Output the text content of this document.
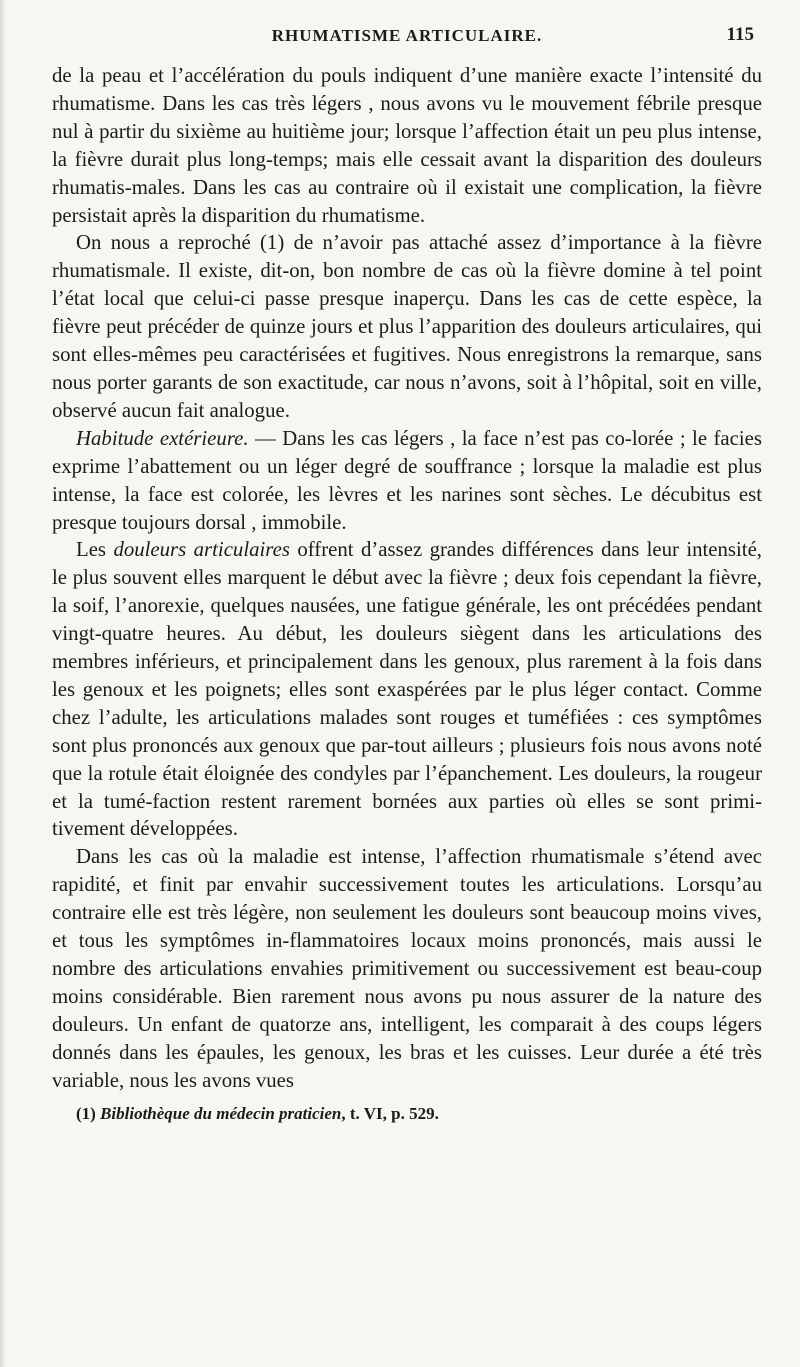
RHUMATISME ARTICULAIRE.	115

de la peau et l’accélération du pouls indiquent d’une manière exacte l’intensité du rhumatisme. Dans les cas très légers , nous avons vu le mouvement fébrile presque nul à partir du sixième au huitième jour; lorsque l’affection était un peu plus intense, la fièvre durait plus long-temps; mais elle cessait avant la disparition des douleurs rhumatis-males. Dans les cas au contraire où il existait une complication, la fièvre persistait après la disparition du rhumatisme.

On nous a reproché (1) de n’avoir pas attaché assez d’importance à la fièvre rhumatismale. Il existe, dit-on, bon nombre de cas où la fièvre domine à tel point l’état local que celui-ci passe presque inaperçu. Dans les cas de cette espèce, la fièvre peut précéder de quinze jours et plus l’apparition des douleurs articulaires, qui sont elles-mêmes peu caractérisées et fugitives. Nous enregistrons la remarque, sans nous porter garants de son exactitude, car nous n’avons, soit à l’hôpital, soit en ville, observé aucun fait analogue.

Habitude extérieure. — Dans les cas légers , la face n’est pas co-lorée ; le facies exprime l’abattement ou un léger degré de souffrance ; lorsque la maladie est plus intense, la face est colorée, les lèvres et les narines sont sèches. Le décubitus est presque toujours dorsal , immobile.

Les douleurs articulaires offrent d’assez grandes différences dans leur intensité, le plus souvent elles marquent le début avec la fièvre ; deux fois cependant la fièvre, la soif, l’anorexie, quelques nausées, une fatigue générale, les ont précédées pendant vingt-quatre heures. Au début, les douleurs siègent dans les articulations des membres inférieurs, et principalement dans les genoux, plus rarement à la fois dans les genoux et les poignets; elles sont exaspérées par le plus léger contact. Comme chez l’adulte, les articulations malades sont rouges et tuméfiées : ces symptômes sont plus prononcés aux genoux que par-tout ailleurs ; plusieurs fois nous avons noté que la rotule était éloignée des condyles par l’épanchement. Les douleurs, la rougeur et la tumé-faction restent rarement bornées aux parties où elles se sont primi-tivement développées.

Dans les cas où la maladie est intense, l’affection rhumatismale s’étend avec rapidité, et finit par envahir successivement toutes les articulations. Lorsqu’au contraire elle est très légère, non seulement les douleurs sont beaucoup moins vives, et tous les symptômes in-flammatoires locaux moins prononcés, mais aussi le nombre des articulations envahies primitivement ou successivement est beau-coup moins considérable. Bien rarement nous avons pu nous assurer de la nature des douleurs. Un enfant de quatorze ans, intelligent, les comparait à des coups légers donnés dans les épaules, les genoux, les bras et les cuisses. Leur durée a été très variable, nous les avons vues

(1) Bibliothèque du médecin praticien, t. VI, p. 529.
